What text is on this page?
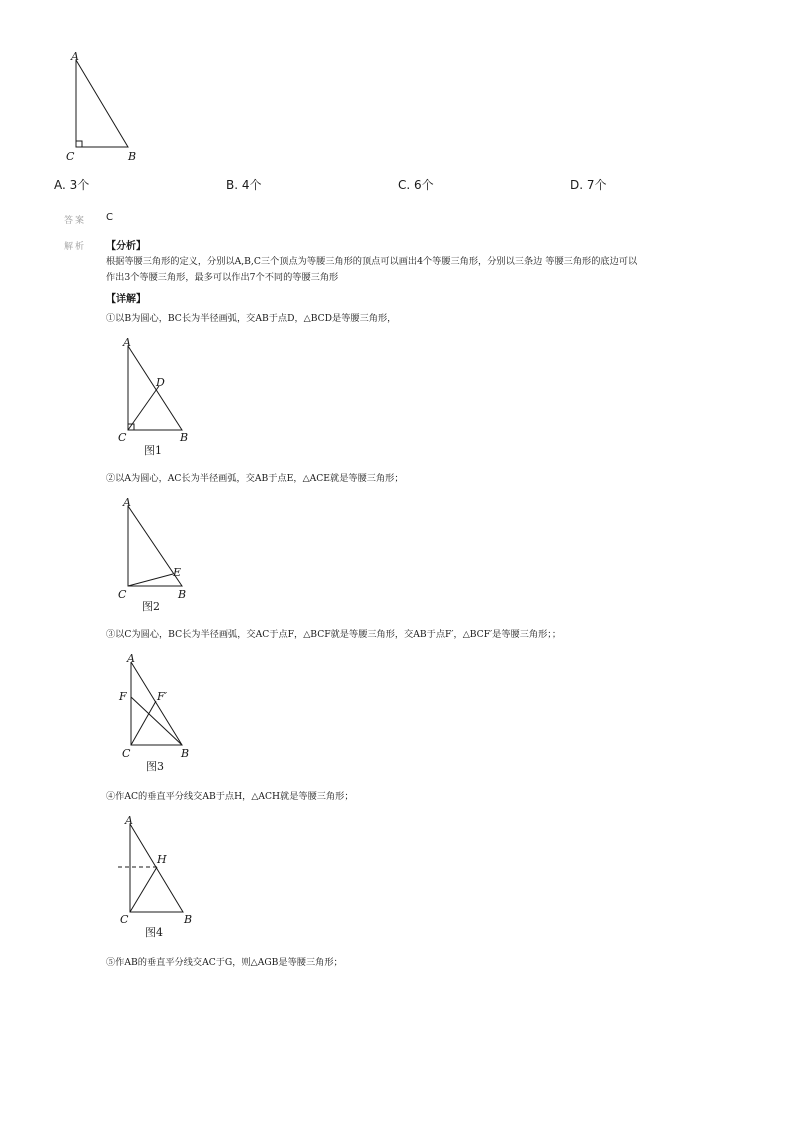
A
C	B
A. 3个	B. 4个	C. 6个	D. 7个
答案 C
解析 【分析】
根据等腰三角形的定义，分别以A,B,C三个顶点为等腰三角形的顶点可以画出4个等腰三角形，分别以三条边 等腰三角形的底边可以
作出3个等腰三角形，最多可以作出7个不同的等腰三角形
【详解】
①以B为圆心，BC长为半径画弧，交AB于点D，△BCD是等腰三角形，
A
D
C	B
图1
②以A为圆心，AC长为半径画弧，交AB于点E，△ACE就是等腰三角形；
A
E
C	B
图2
③以C为圆心，BC长为半径画弧，交AC于点F，△BCF就是等腰三角形，交AB于点F′，△BCF′是等腰三角形；；
A
F	F′
C	B
图3
④作AC的垂直平分线交AB于点H，△ACH就是等腰三角形；
A
H
C	B
图4
⑤作AB的垂直平分线交AC于G，则△AGB是等腰三角形；
